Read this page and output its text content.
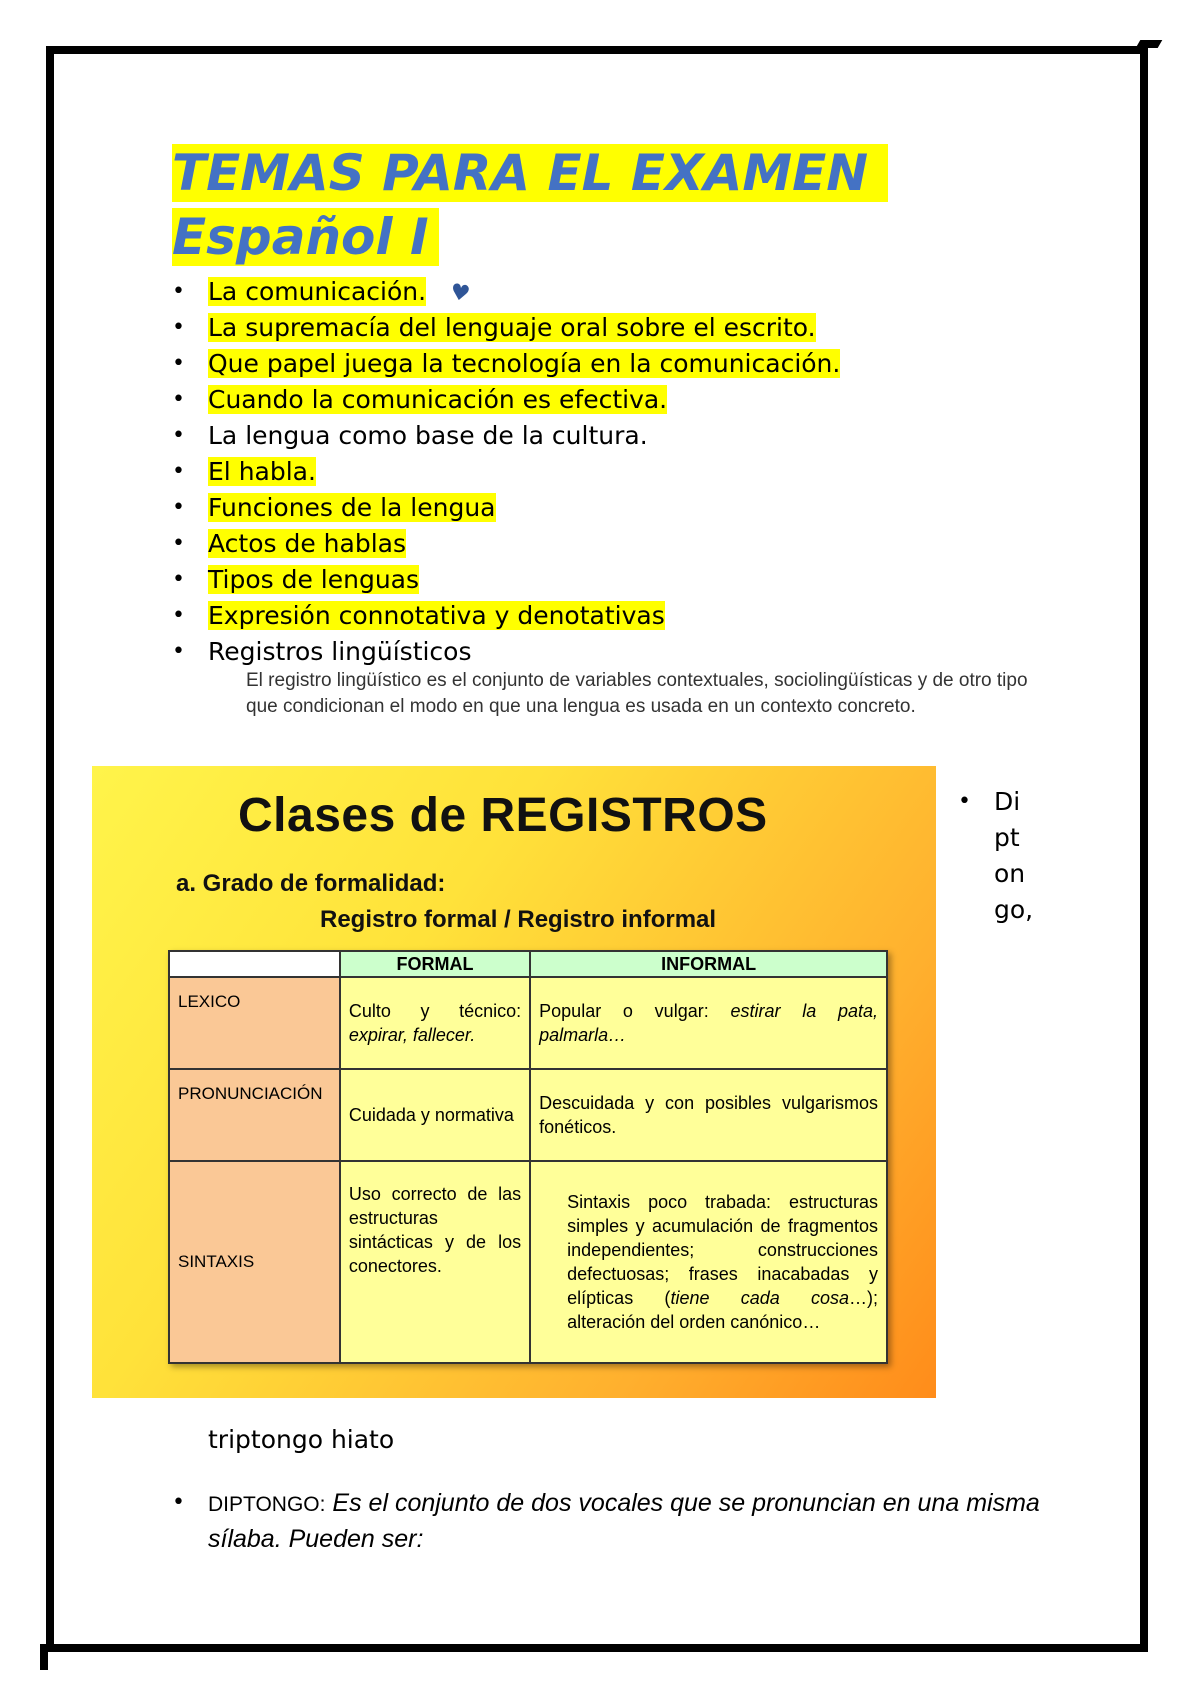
TEMAS PARA EL EXAMEN
Español I
• La comunicación. ♥
• La supremacía del lenguaje oral sobre el escrito.
• Que papel juega la tecnología en la comunicación.
• Cuando la comunicación es efectiva.
• La lengua como base de la cultura.
• El habla.
• Funciones de la lengua
• Actos de hablas
• Tipos de lenguas
• Expresión connotativa y denotativas
• Registros lingüísticos

El registro lingüístico es el conjunto de variables contextuales, sociolingüísticas y de otro tipo que condicionan el modo en que una lengua es usada en un contexto concreto.

Clases de REGISTROS
a. Grado de formalidad:
Registro formal / Registro informal
	FORMAL	INFORMAL
LEXICO	Culto y técnico: expirar, fallecer.	Popular o vulgar: estirar la pata, palmarla…
PRONUNCIACIÓN	Cuidada y normativa	Descuidada y con posibles vulgarismos fonéticos.
SINTAXIS	Uso correcto de las estructuras sintácticas y de los conectores.	Sintaxis poco trabada: estructuras simples y acumulación de fragmentos independientes; construcciones defectuosas; frases inacabadas y elípticas (tiene cada cosa…); alteración del orden canónico…
• Diptongo,
triptongo hiato
• DIPTONGO: Es el conjunto de dos vocales que se pronuncian en una misma sílaba. Pueden ser:
